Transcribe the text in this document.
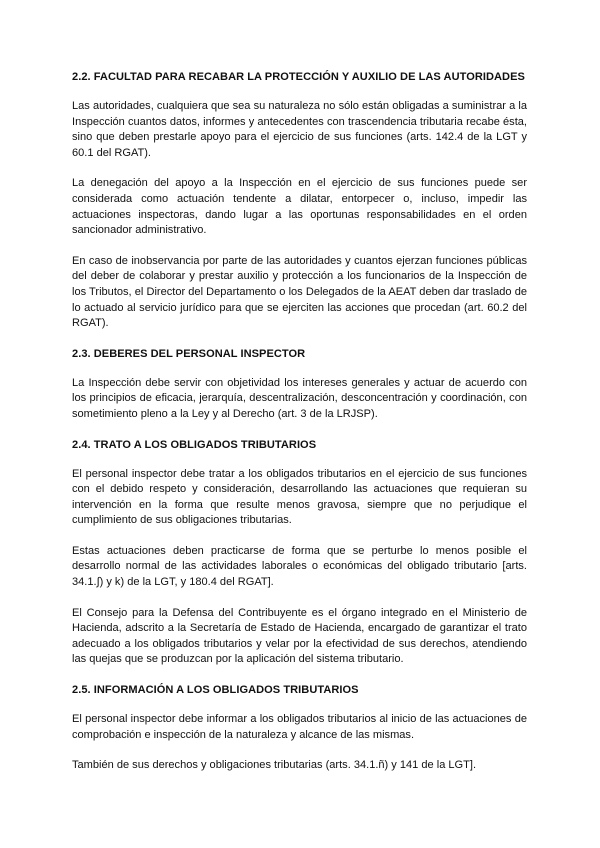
2.2. FACULTAD PARA RECABAR LA PROTECCIÓN Y AUXILIO DE LAS AUTORIDADES

Las autoridades, cualquiera que sea su naturaleza no sólo están obligadas a suministrar a la Inspección cuantos datos, informes y antecedentes con trascendencia tributaria recabe ésta, sino que deben prestarle apoyo para el ejercicio de sus funciones (arts. 142.4 de la LGT y 60.1 del RGAT).

La denegación del apoyo a la Inspección en el ejercicio de sus funciones puede ser considerada como actuación tendente a dilatar, entorpecer o, incluso, impedir las actuaciones inspectoras, dando lugar a las oportunas responsabilidades en el orden sancionador administrativo.

En caso de inobservancia por parte de las autoridades y cuantos ejerzan funciones públicas del deber de colaborar y prestar auxilio y protección a los funcionarios de la Inspección de los Tributos, el Director del Departamento o los Delegados de la AEAT deben dar traslado de lo actuado al servicio jurídico para que se ejerciten las acciones que procedan (art. 60.2 del RGAT).

2.3. DEBERES DEL PERSONAL INSPECTOR

La Inspección debe servir con objetividad los intereses generales y actuar de acuerdo con los principios de eficacia, jerarquía, descentralización, desconcentración y coordinación, con sometimiento pleno a la Ley y al Derecho (art. 3 de la LRJSP).

2.4. TRATO A LOS OBLIGADOS TRIBUTARIOS

El personal inspector debe tratar a los obligados tributarios en el ejercicio de sus funciones con el debido respeto y consideración, desarrollando las actuaciones que requieran su intervención en la forma que resulte menos gravosa, siempre que no perjudique el cumplimiento de sus obligaciones tributarias.

Estas actuaciones deben practicarse de forma que se perturbe lo menos posible el desarrollo normal de las actividades laborales o económicas del obligado tributario [arts. 34.1.∫) y k) de la LGT, y 180.4 del RGAT].

El Consejo para la Defensa del Contribuyente es el órgano integrado en el Ministerio de Hacienda, adscrito a la Secretaría de Estado de Hacienda, encargado de garantizar el trato adecuado a los obligados tributarios y velar por la efectividad de sus derechos, atendiendo las quejas que se produzcan por la aplicación del sistema tributario.

2.5. INFORMACIÓN A LOS OBLIGADOS TRIBUTARIOS

El personal inspector debe informar a los obligados tributarios al inicio de las actuaciones de comprobación e inspección de la naturaleza y alcance de las mismas.

También de sus derechos y obligaciones tributarias (arts. 34.1.ñ) y 141 de la LGT].
